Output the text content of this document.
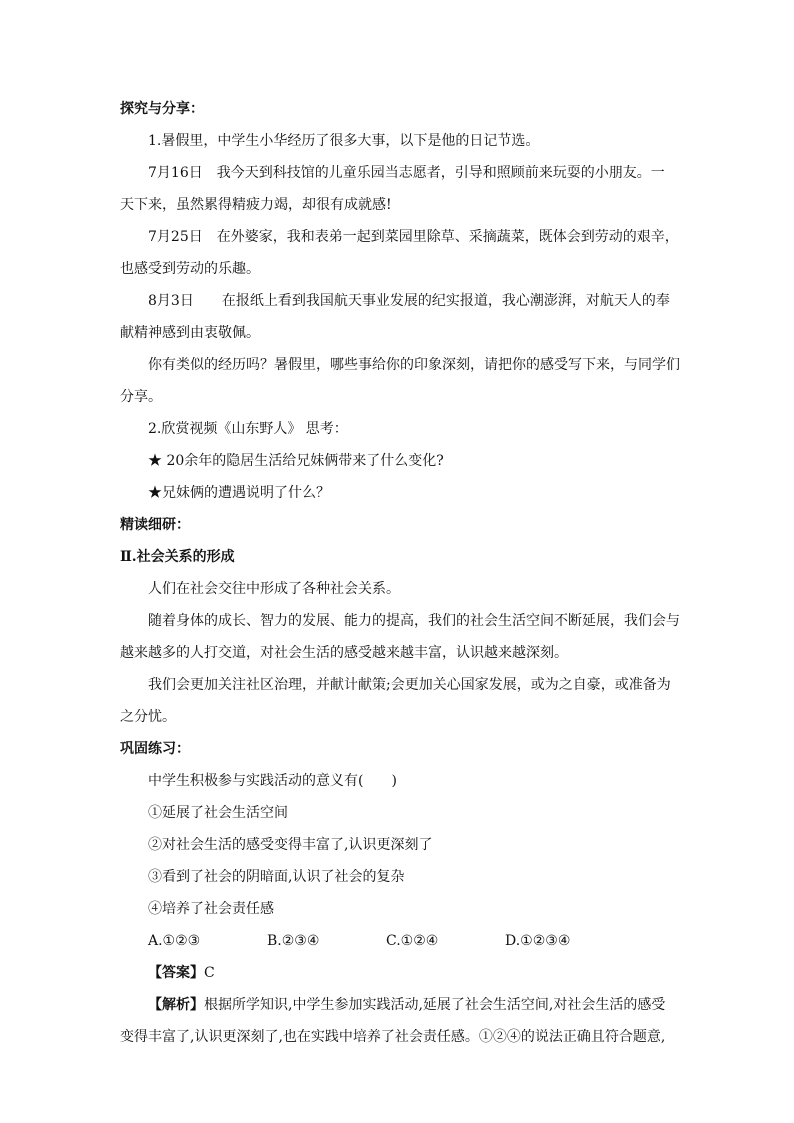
探究与分享：
1.暑假里，中学生小华经历了很多大事，以下是他的日记节选。
7月16日 我今天到科技馆的儿童乐园当志愿者，引导和照顾前来玩耍的小朋友。一
天下来，虽然累得精疲力竭，却很有成就感!
7月25日 在外婆家，我和表弟一起到菜园里除草、采摘蔬菜，既体会到劳动的艰辛，
也感受到劳动的乐趣。
8月3日 在报纸上看到我国航天事业发展的纪实报道，我心潮澎湃，对航天人的奉
献精神感到由衷敬佩。
你有类似的经历吗？暑假里，哪些事给你的印象深刻，请把你的感受写下来，与同学们
分享。
2.欣赏视频《山东野人》 思考：
★ 20余年的隐居生活给兄妹俩带来了什么变化?
★兄妹俩的遭遇说明了什么？
精读细研：
Ⅱ.社会关系的形成
人们在社会交往中形成了各种社会关系。
随着身体的成长、智力的发展、能力的提高，我们的社会生活空间不断延展，我们会与
越来越多的人打交道，对社会生活的感受越来越丰富，认识越来越深刻。
我们会更加关注社区治理，并献计献策;会更加关心国家发展，或为之自豪，或准备为
之分忧。
巩固练习：
中学生积极参与实践活动的意义有(　　)
①延展了社会生活空间
②对社会生活的感受变得丰富了,认识更深刻了
③看到了社会的阴暗面,认识了社会的复杂
④培养了社会责任感
A.①②③	B.②③④	C.①②④	D.①②③④
【答案】C
【解析】根据所学知识,中学生参加实践活动,延展了社会生活空间,对社会生活的感受
变得丰富了,认识更深刻了,也在实践中培养了社会责任感。①②④的说法正确且符合题意,
